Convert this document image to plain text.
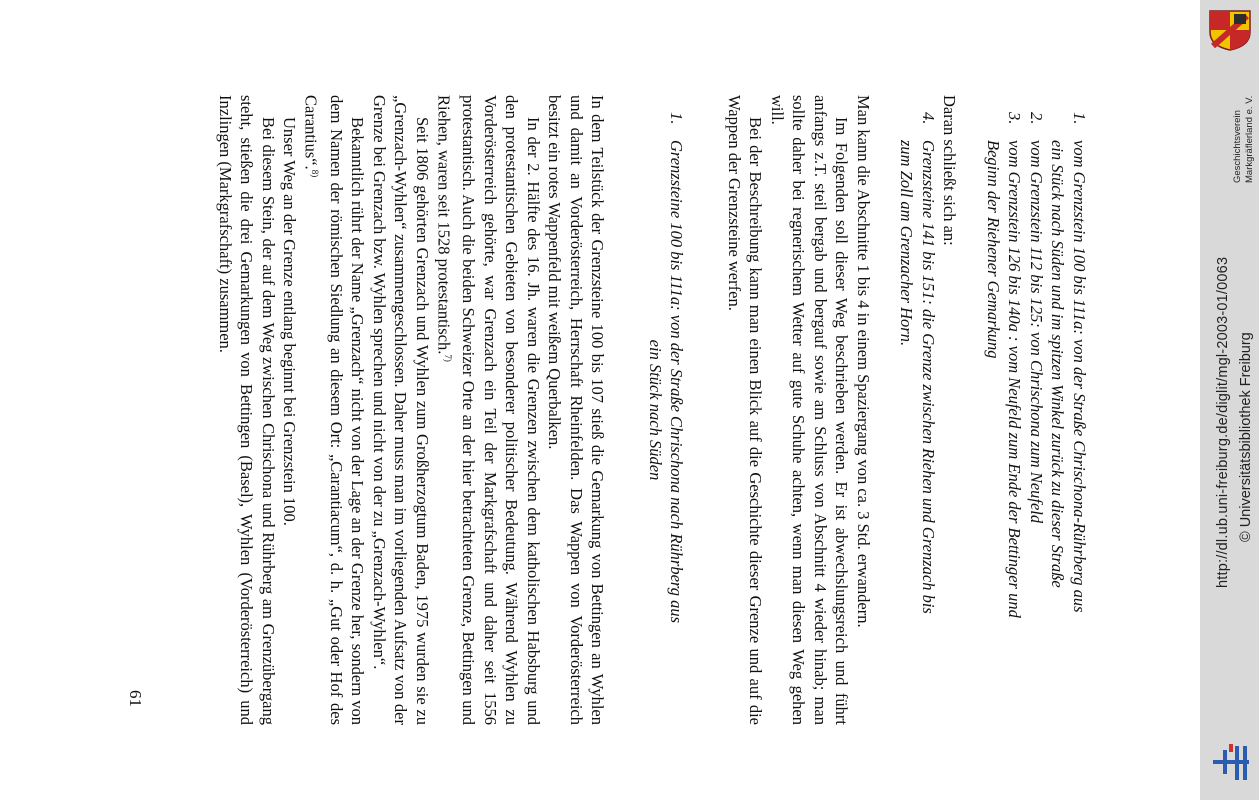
1.vom Grenzstein 100 bis 111a: von der Straße Chrischona-Rührberg aus
ein Stück nach Süden und im spitzen Winkel zurück zu dieser Straße
2.vom Grenzstein 112 bis 125: von Chrischona zum Neufeld
3.vom Grenzstein 126 bis 140a : vom Neufeld zum Ende der Bettinger und
Beginn der Riehener Gemarkung

Daran schließt sich an:

4.Grenzsteine 141 bis 151: die Grenze zwischen Riehen und Grenzach bis
zum Zoll am Grenzacher Horn.

Man kann die Abschnitte 1 bis 4 in einem Spaziergang von ca. 3 Std. erwandern.

Im Folgenden soll dieser Weg beschrieben werden. Er ist abwechslungsreich und führt anfangs z.T. steil bergab und bergauf sowie am Schluss von Abschnitt 4 wieder hinab; man sollte daher bei regnerischem Wetter auf gute Schuhe achten, wenn man diesen Weg gehen will.

Bei der Beschreibung kann man einen Blick auf die Geschichte dieser Grenze und auf die Wappen der Grenzsteine werfen.

1.Grenzsteine 100 bis 111a: von der Straße Chrischona nach Rührberg aus

ein Stück nach Süden

In dem Teilstück der Grenzsteine 100 bis 107 stieß die Gemarkung von Bettingen an Wyhlen und damit an Vorderösterreich, Herrschaft Rheinfelden. Das Wappen von Vorderösterreich besitzt ein rotes Wappenfeld mit weißem Querbalken.

In der 2. Hälfte des 16. Jh. waren die Grenzen zwischen dem katholischen Habsburg und den protestantischen Gebieten von besonderer politischer Bedeutung. Während Wyhlen zu Vorderösterreich gehörte, war Grenzach ein Teil der Markgrafschaft und daher seit 1556 protestantisch. Auch die beiden Schweizer Orte an der hier betrachteten Grenze, Bettingen und Riehen, waren seit 1528 protestantisch.$^{7)}$

Seit 1806 gehörten Grenzach und Wyhlen zum Großherzogtum Baden, 1975 wurden sie zu „Grenzach-Wyhlen“ zusammengeschlossen. Daher muss man im vorliegenden Aufsatz von der Grenze bei Grenzach bzw. Wyhlen sprechen und nicht von der zu „Grenzach-Wyhlen“.

Bekanntlich rührt der Name „Grenzach“ nicht von der Lage an der Grenze her, sondern von dem Namen der römischen Siedlung an diesem Ort: „Carantiacum“, d. h. „Gut oder Hof des Carantius“.$^{8)}$

Unser Weg an der Grenze entlang beginnt bei Grenzstein 100.

Bei diesem Stein, der auf dem Weg zwischen Chrischona und Rührberg am Grenzübergang steht, stießen die drei Gemarkungen von Bettingen (Basel), Wyhlen (Vorderösterreich) und Inzlingen (Markgrafschaft) zusammen.

61
Geschichtsverein Markgräflerland e. V.
http://dl.ub.uni-freiburg.de/diglit/mgl-2003-01/0063 © Universitätsbibliothek Freiburg
